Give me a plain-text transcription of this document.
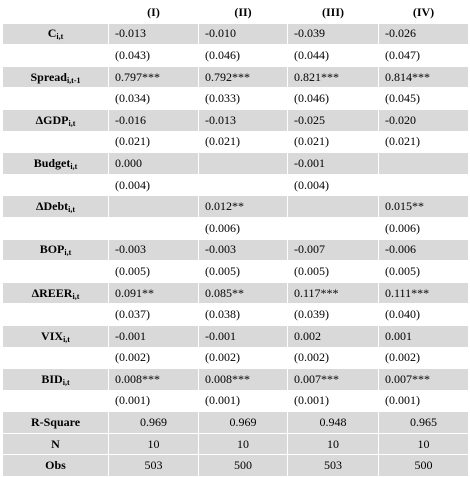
	(I)	(II)	(III)	(IV)
$C_{i,t}$	-0.013	-0.010	-0.039	-0.026
	(0.043)	(0.046)	(0.044)	(0.047)
Spread$_{i,t-1}$	0.797***	0.792***	0.821***	0.814***
	(0.034)	(0.033)	(0.046)	(0.045)
$\Delta GDP_{i,t}$	-0.016	-0.013	-0.025	-0.020
	(0.021)	(0.021)	(0.021)	(0.021)
Budget$_{i,t}$	0.000		-0.001	
	(0.004)		(0.004)	
ΔDebt$_{i,t}$		0.012**		0.015**
		(0.006)		(0.006)
$BOP_{i,t}$	-0.003	-0.003	-0.007	-0.006
	(0.005)	(0.005)	(0.005)	(0.005)
$\Delta REER_{i,t}$	0.091**	0.085**	0.117***	0.111***
	(0.037)	(0.038)	(0.039)	(0.040)
$VIX_{i,t}$	-0.001	-0.001	0.002	0.001
	(0.002)	(0.002)	(0.002)	(0.002)
$BID_{i,t}$	0.008***	0.008***	0.007***	0.007***
	(0.001)	(0.001)	(0.001)	(0.001)
R-Square	0.969	0.969	0.948	0.965
N	10	10	10	10
Obs	503	500	503	500
